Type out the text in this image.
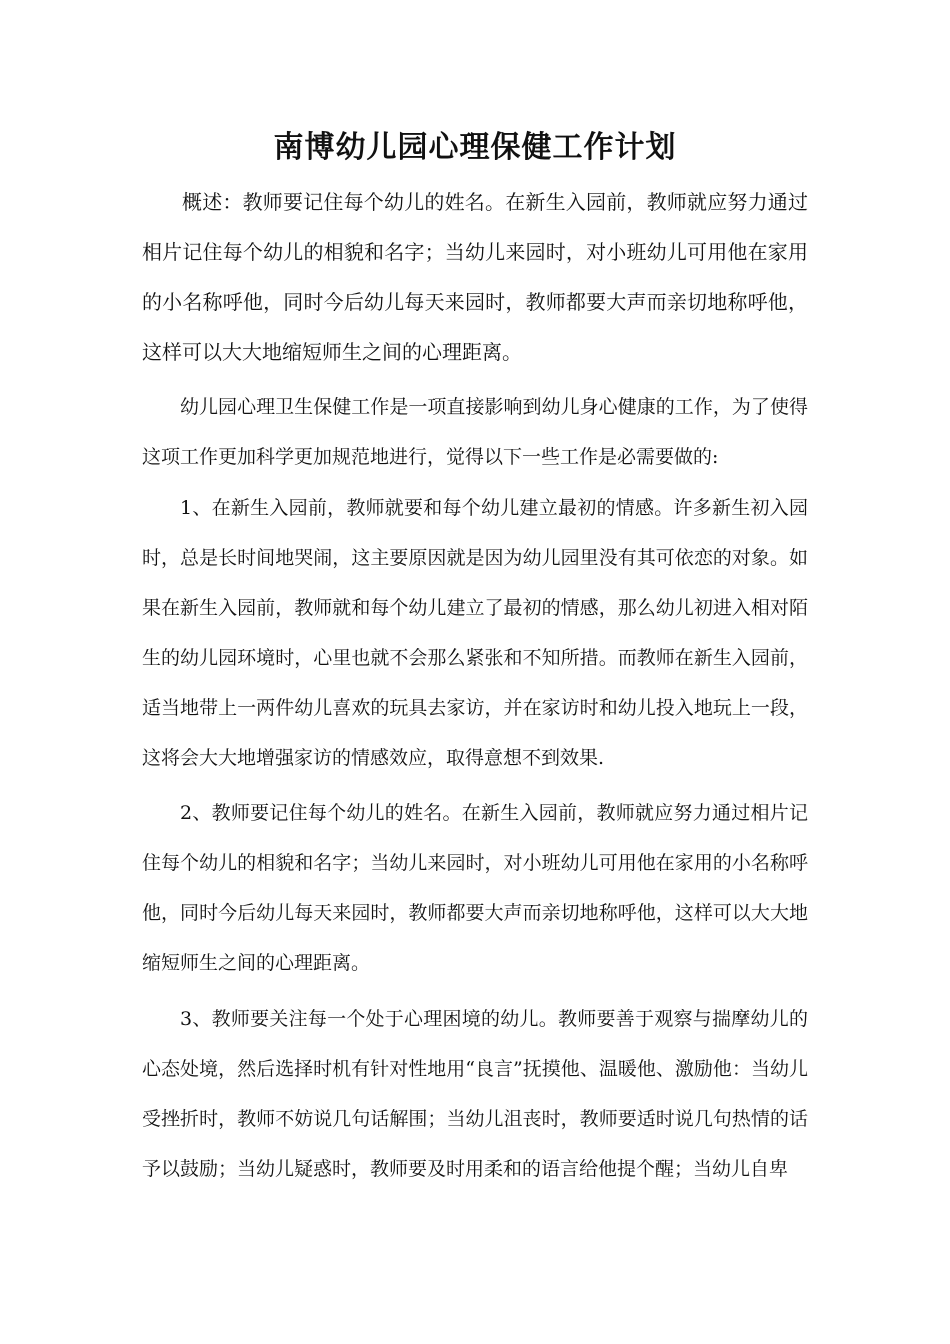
南博幼儿园心理保健工作计划

概述：教师要记住每个幼儿的姓名。在新生入园前，教师就应努力通过相片记住每个幼儿的相貌和名字；当幼儿来园时，对小班幼儿可用他在家用的小名称呼他，同时今后幼儿每天来园时，教师都要大声而亲切地称呼他，这样可以大大地缩短师生之间的心理距离。

幼儿园心理卫生保健工作是一项直接影响到幼儿身心健康的工作，为了使得这项工作更加科学更加规范地进行，觉得以下一些工作是必需要做的:

1、在新生入园前，教师就要和每个幼儿建立最初的情感。许多新生初入园时，总是长时间地哭闹，这主要原因就是因为幼儿园里没有其可依恋的对象。如果在新生入园前，教师就和每个幼儿建立了最初的情感，那么幼儿初进入相对陌生的幼儿园环境时，心里也就不会那么紧张和不知所措。而教师在新生入园前，适当地带上一两件幼儿喜欢的玩具去家访，并在家访时和幼儿投入地玩上一段，这将会大大地增强家访的情感效应，取得意想不到效果.

2、教师要记住每个幼儿的姓名。在新生入园前，教师就应努力通过相片记住每个幼儿的相貌和名字；当幼儿来园时，对小班幼儿可用他在家用的小名称呼他，同时今后幼儿每天来园时，教师都要大声而亲切地称呼他，这样可以大大地缩短师生之间的心理距离。

3、教师要关注每一个处于心理困境的幼儿。教师要善于观察与揣摩幼儿的心态处境，然后选择时机有针对性地用“良言”抚摸他、温暖他、激励他：当幼儿受挫折时，教师不妨说几句话解围；当幼儿沮丧时，教师要适时说几句热情的话予以鼓励；当幼儿疑惑时，教师要及时用柔和的语言给他提个醒；当幼儿自卑
